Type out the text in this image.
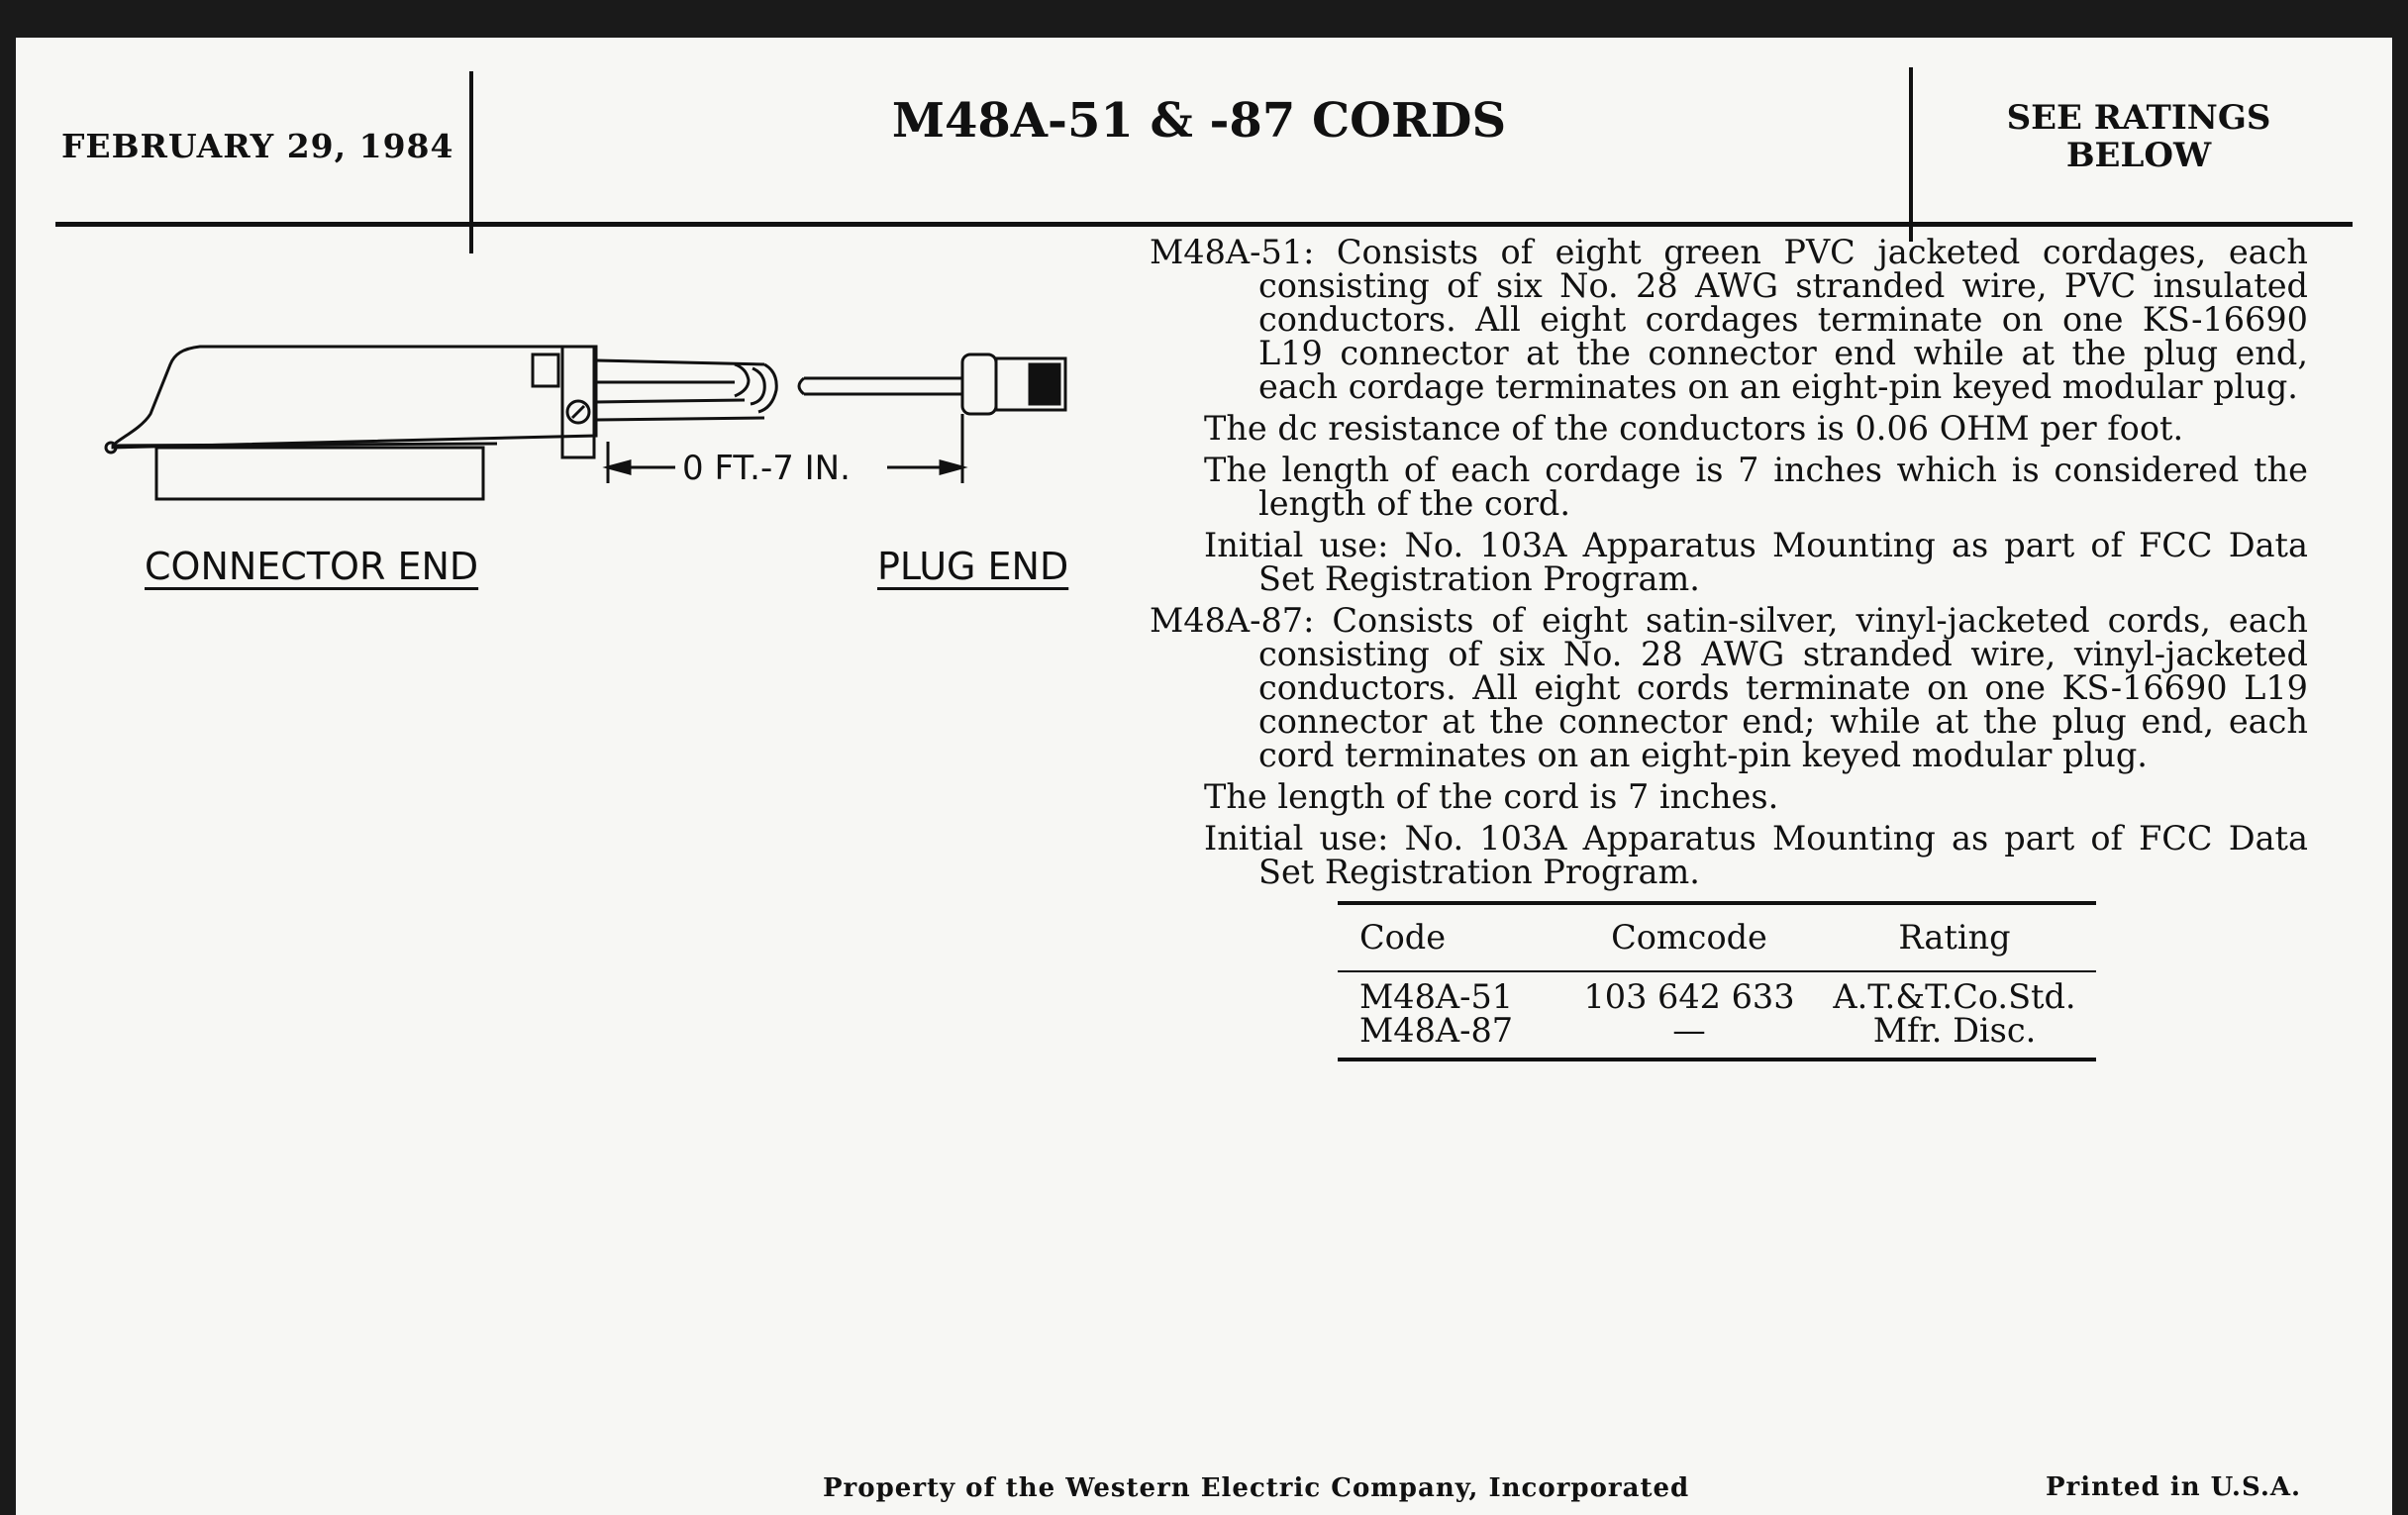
FEBRUARY 29, 1984	M48A-51 & -87 CORDS	SEE RATINGS
BELOW
0 FT.-7 IN.
CONNECTOR END	PLUG END

M48A-51: Consists of eight green PVC jacketed cordages, each consisting of six No. 28 AWG stranded wire, PVC insulated conductors. All eight cordages terminate on one KS-16690 L19 connector at the connector end while at the plug end, each cordage terminates on an eight-pin keyed modular plug.

The dc resistance of the conductors is 0.06 OHM per foot.

The length of each cordage is 7 inches which is considered the length of the cord.

Initial use: No. 103A Apparatus Mounting as part of FCC Data Set Registration Program.

M48A-87: Consists of eight satin-silver, vinyl-jacketed cords, each consisting of six No. 28 AWG stranded wire, vinyl-jacketed conductors. All eight cords terminate on one KS-16690 L19 connector at the connector end; while at the plug end, each cord terminates on an eight-pin keyed modular plug.

The length of the cord is 7 inches.

Initial use: No. 103A Apparatus Mounting as part of FCC Data Set Registration Program.

Code	Comcode	Rating
M48A-51	103 642 633	A.T.&T.Co.Std.
M48A-87	—	Mfr. Disc.
Property of the Western Electric Company, Incorporated	Printed in U.S.A.
